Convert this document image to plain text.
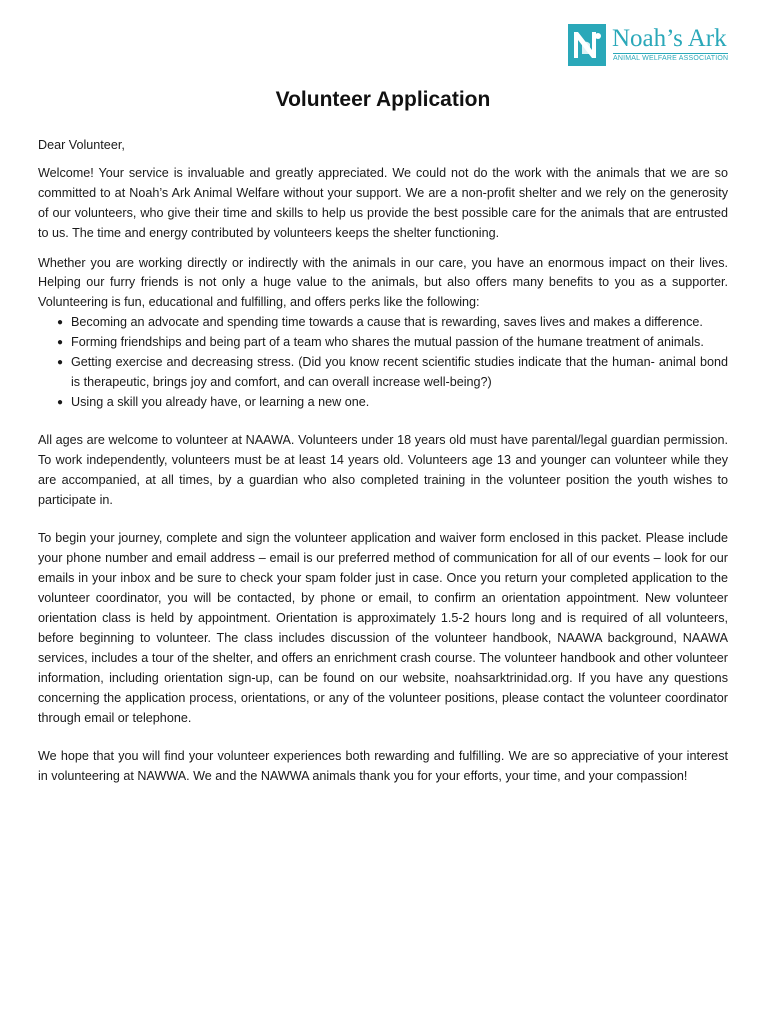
Noah’s Ark
ANIMAL WELFARE ASSOCIATION
Volunteer Application

Dear Volunteer,

Welcome! Your service is invaluable and greatly appreciated. We could not do the work with the animals that we are so committed to at Noah’s Ark Animal Welfare without your support. We are a non-profit shelter and we rely on the generosity of our volunteers, who give their time and skills to help us provide the best possible care for the animals that are entrusted to us. The time and energy contributed by volunteers keeps the shelter functioning.

Whether you are working directly or indirectly with the animals in our care, you have an enormous impact on their lives. Helping our furry friends is not only a huge value to the animals, but also offers many benefits to you as a supporter. Volunteering is fun, educational and fulfilling, and offers perks like the following:

● Becoming an advocate and spending time towards a cause that is rewarding, saves lives and makes a difference.
● Forming friendships and being part of a team who shares the mutual passion of the humane treatment of animals.
● Getting exercise and decreasing stress. (Did you know recent scientific studies indicate that the human- animal bond is therapeutic, brings joy and comfort, and can overall increase well-being?)
● Using a skill you already have, or learning a new one.

All ages are welcome to volunteer at NAAWA. Volunteers under 18 years old must have parental/legal guardian permission. To work independently, volunteers must be at least 14 years old. Volunteers age 13 and younger can volunteer while they are accompanied, at all times, by a guardian who also completed training in the volunteer position the youth wishes to participate in.

To begin your journey, complete and sign the volunteer application and waiver form enclosed in this packet. Please include your phone number and email address – email is our preferred method of communication for all of our events – look for our emails in your inbox and be sure to check your spam folder just in case. Once you return your completed application to the volunteer coordinator, you will be contacted, by phone or email, to confirm an orientation appointment. New volunteer orientation class is held by appointment. Orientation is approximately 1.5-2 hours long and is required of all volunteers, before beginning to volunteer. The class includes discussion of the volunteer handbook, NAAWA background, NAAWA services, includes a tour of the shelter, and offers an enrichment crash course. The volunteer handbook and other volunteer information, including orientation sign-up, can be found on our website, noahsarktrinidad.org. If you have any questions concerning the application process, orientations, or any of the volunteer positions, please contact the volunteer coordinator through email or telephone.

We hope that you will find your volunteer experiences both rewarding and fulfilling. We are so appreciative of your interest in volunteering at NAWWA. We and the NAWWA animals thank you for your efforts, your time, and your compassion!
